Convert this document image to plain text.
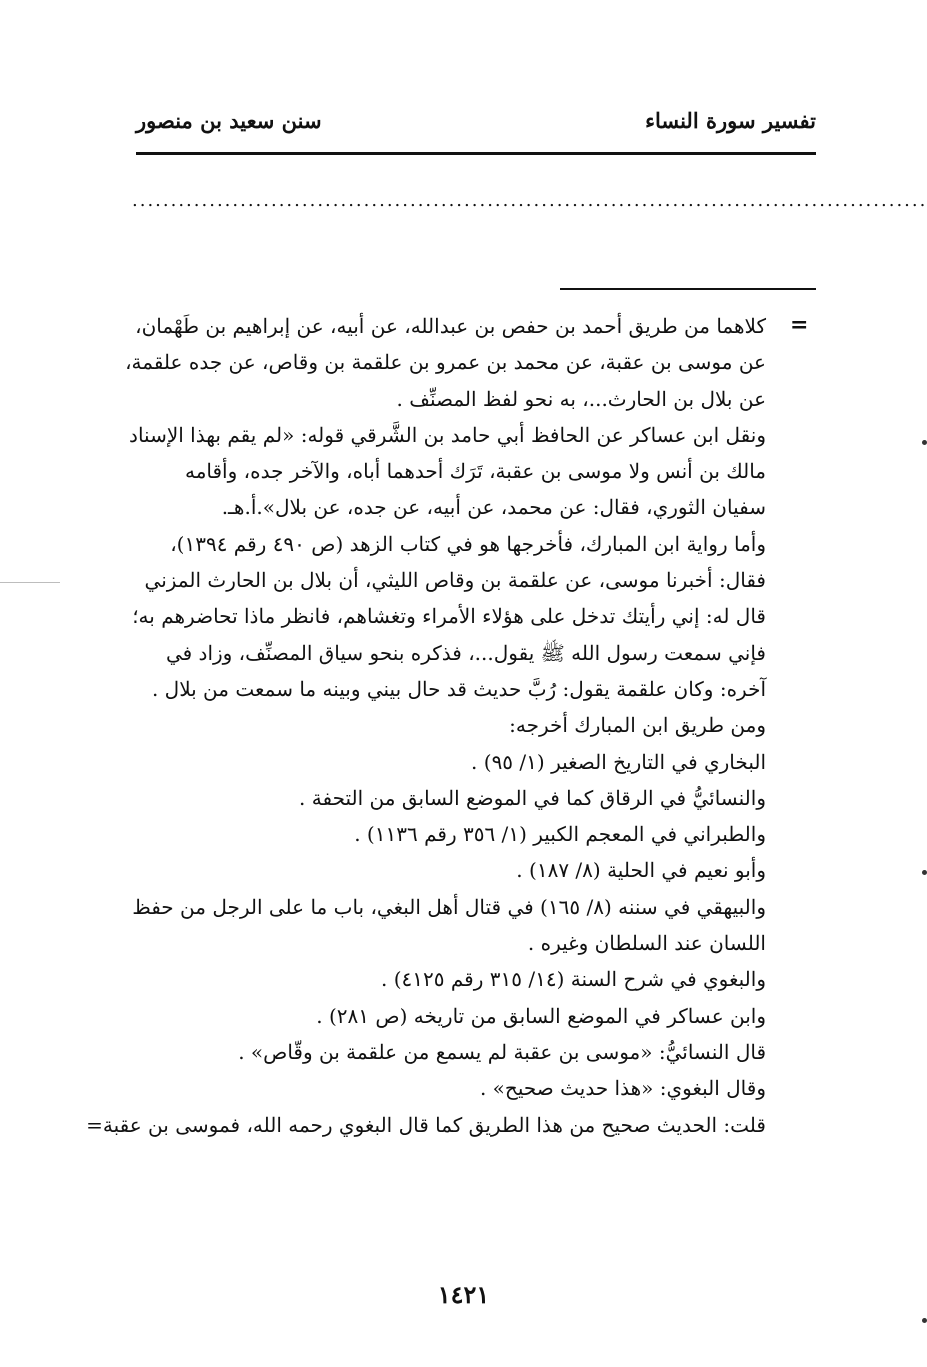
تفسير سورة النساء
سنن سعيد بن منصور
.......................................................................................................
=
كلاهما من طريق أحمد بن حفص بن عبدالله، عن أبيه، عن إبراهيم بن طَهْمان،
عن موسى بن عقبة، عن محمد بن عمرو بن علقمة بن وقاص، عن جده علقمة،
عن بلال بن الحارث...، به نحو لفظ المصنِّف .
ونقل ابن عساكر عن الحافظ أبي حامد بن الشَّرقي قوله: «لم يقم بهذا الإسناد
مالك بن أنس ولا موسى بن عقبة، تَرَك أحدهما أباه، والآخر جده، وأقامه
سفيان الثوري، فقال: عن محمد، عن أبيه، عن جده، عن بلال».أ.هـ.
وأما رواية ابن المبارك، فأخرجها هو في كتاب الزهد (ص ٤٩٠ رقم ١٣٩٤)،
فقال: أخبرنا موسى، عن علقمة بن وقاص الليثي، أن بلال بن الحارث المزني
قال له: إني رأيتك تدخل على هؤلاء الأمراء وتغشاهم، فانظر ماذا تحاضرهم به؛
فإني سمعت رسول الله ﷺ يقول...، فذكره بنحو سياق المصنِّف، وزاد في
آخره: وكان علقمة يقول: رُبَّ حديث قد حال بيني وبينه ما سمعت من بلال .
ومن طريق ابن المبارك أخرجه:
البخاري في التاريخ الصغير (١/ ٩٥) .
والنسائيُّ في الرقاق كما في الموضع السابق من التحفة .
والطبراني في المعجم الكبير (١/ ٣٥٦ رقم ١١٣٦) .
وأبو نعيم في الحلية (٨/ ١٨٧) .
والبيهقي في سننه (٨/ ١٦٥) في قتال أهل البغي، باب ما على الرجل من حفظ
اللسان عند السلطان وغيره .
والبغوي في شرح السنة (١٤/ ٣١٥ رقم ٤١٢٥) .
وابن عساكر في الموضع السابق من تاريخه (ص ٢٨١) .
قال النسائيُّ: «موسى بن عقبة لم يسمع من علقمة بن وقّاص» .
وقال البغوي: «هذا حديث صحيح» .
قلت: الحديث صحيح من هذا الطريق كما قال البغوي رحمه الله، فموسى بن عقبة=
١٤٢١
